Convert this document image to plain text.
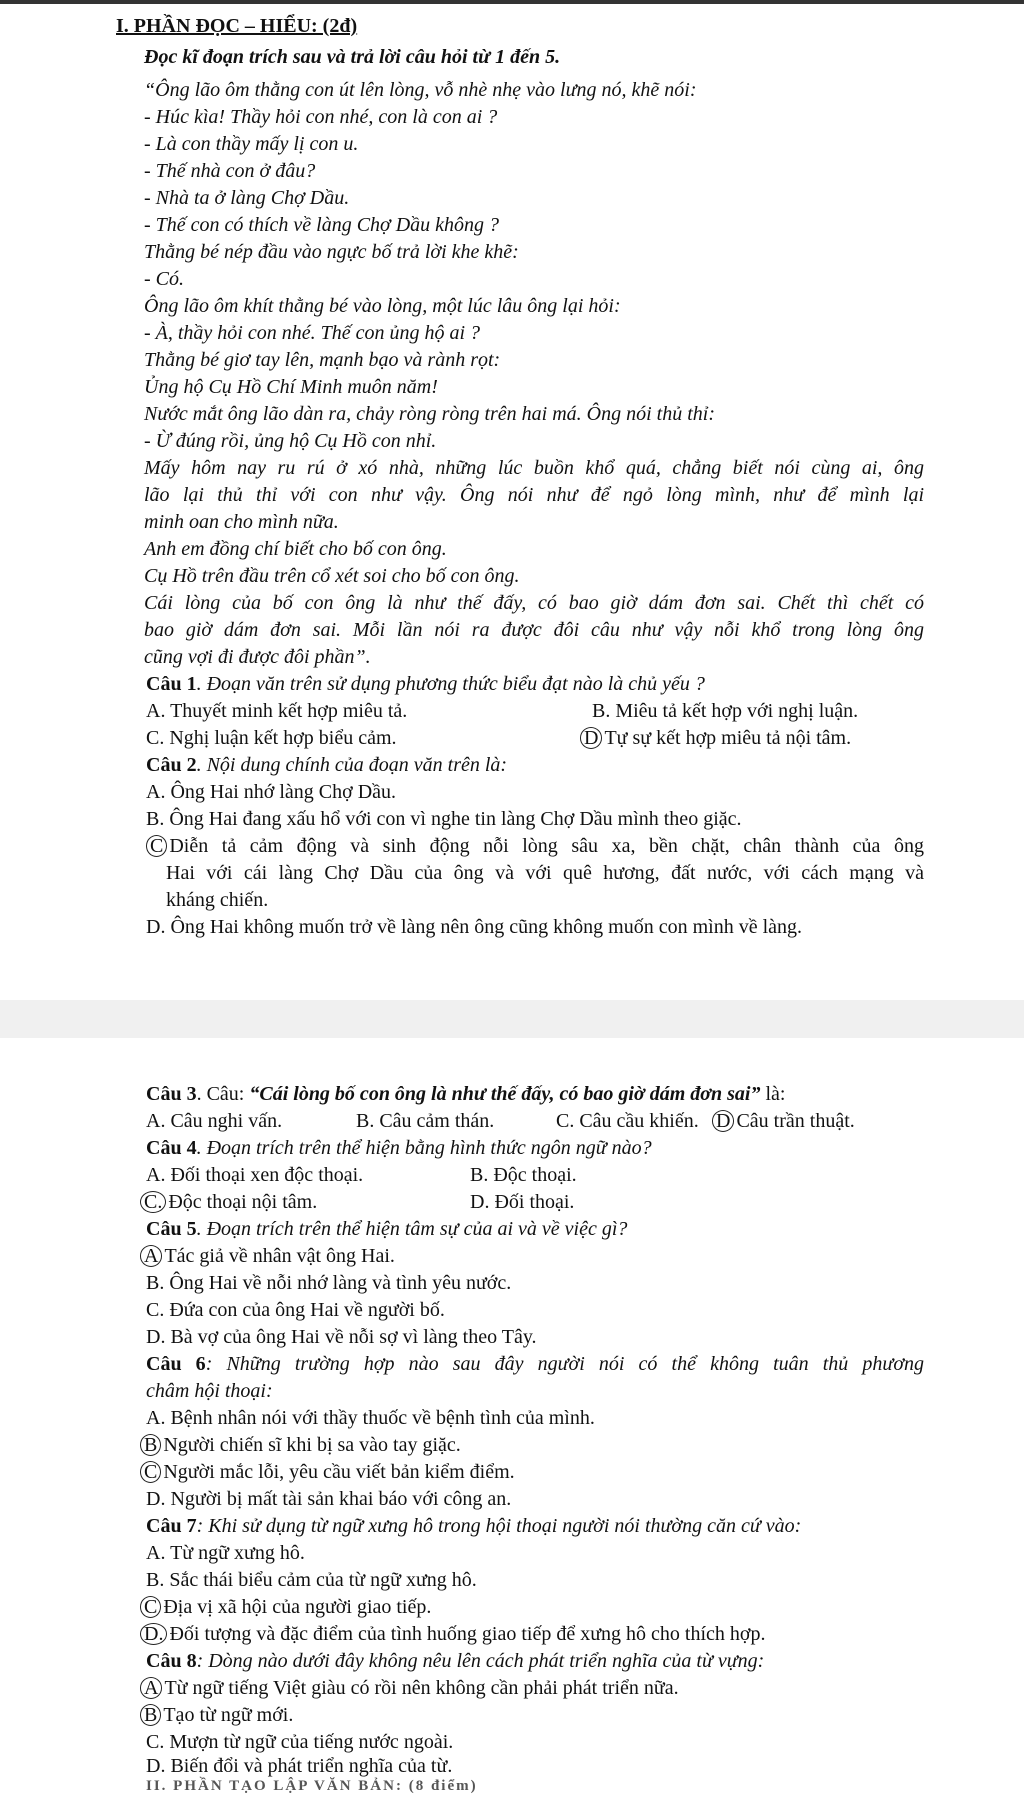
I. PHẦN ĐỌC – HIỂU: (2đ)
Đọc kĩ đoạn trích sau và trả lời câu hỏi từ 1 đến 5.
“Ông lão ôm thằng con út lên lòng, vỗ nhè nhẹ vào lưng nó, khẽ nói:
- Húc kìa! Thầy hỏi con nhé, con là con ai ?
- Là con thầy mấy lị con u.
- Thế nhà con ở đâu?
- Nhà ta ở làng Chợ Dầu.
- Thế con có thích về làng Chợ Dầu không ?
Thằng bé nép đầu vào ngực bố trả lời khe khẽ:
- Có.
Ông lão ôm khít thằng bé vào lòng, một lúc lâu ông lại hỏi:
- À, thầy hỏi con nhé. Thế con ủng hộ ai ?
Thằng bé giơ tay lên, mạnh bạo và rành rọt:
Ủng hộ Cụ Hồ Chí Minh muôn năm!
Nước mắt ông lão dàn ra, chảy ròng ròng trên hai má. Ông nói thủ thỉ:
- Ừ đúng rồi, ủng hộ Cụ Hồ con nhỉ.
Mấy hôm nay ru rú ở xó nhà, những lúc buồn khổ quá, chẳng biết nói cùng ai, ông
lão lại thủ thỉ với con như vậy. Ông nói như để ngỏ lòng mình, như để mình lại
minh oan cho mình nữa.
Anh em đồng chí biết cho bố con ông.
Cụ Hồ trên đầu trên cổ xét soi cho bố con ông.
Cái lòng của bố con ông là như thế đấy, có bao giờ dám đơn sai. Chết thì chết có
bao giờ dám đơn sai. Mỗi lần nói ra được đôi câu như vậy nỗi khổ trong lòng ông
cũng vợi đi được đôi phần”.
Câu 1. Đoạn văn trên sử dụng phương thức biểu đạt nào là chủ yếu ?
A. Thuyết minh kết hợp miêu tả.	B. Miêu tả kết hợp với nghị luận.
C. Nghị luận kết hợp biểu cảm.	D Tự sự kết hợp miêu tả nội tâm.
Câu 2. Nội dung chính của đoạn văn trên là:
A. Ông Hai nhớ làng Chợ Dầu.
B. Ông Hai đang xấu hổ với con vì nghe tin làng Chợ Dầu mình theo giặc.
C Diễn tả cảm động và sinh động nỗi lòng sâu xa, bền chặt, chân thành của ông
Hai với cái làng Chợ Dầu của ông và với quê hương, đất nước, với cách mạng và
kháng chiến.
D. Ông Hai không muốn trở về làng nên ông cũng không muốn con mình về làng.
Câu 3. Câu: “Cái lòng bố con ông là như thế đấy, có bao giờ dám đơn sai” là:
A. Câu nghi vấn.	B. Câu cảm thán.	C. Câu cầu khiến. D Câu trần thuật.
Câu 4. Đoạn trích trên thể hiện bằng hình thức ngôn ngữ nào?
A. Đối thoại xen độc thoại.	B. Độc thoại.
C. Độc thoại nội tâm.	D. Đối thoại.
Câu 5. Đoạn trích trên thể hiện tâm sự của ai và về việc gì?
A Tác giả về nhân vật ông Hai.
B. Ông Hai về nỗi nhớ làng và tình yêu nước.
C. Đứa con của ông Hai về người bố.
D. Bà vợ của ông Hai về nỗi sợ vì làng theo Tây.
Câu 6: Những trường hợp nào sau đây người nói có thể không tuân thủ phương
châm hội thoại:
A. Bệnh nhân nói với thầy thuốc về bệnh tình của mình.
B Người chiến sĩ khi bị sa vào tay giặc.
C Người mắc lỗi, yêu cầu viết bản kiểm điểm.
D. Người bị mất tài sản khai báo với công an.
Câu 7: Khi sử dụng từ ngữ xưng hô trong hội thoại người nói thường căn cứ vào:
A. Từ ngữ xưng hô.
B. Sắc thái biểu cảm của từ ngữ xưng hô.
C Địa vị xã hội của người giao tiếp.
D. Đối tượng và đặc điểm của tình huống giao tiếp để xưng hô cho thích hợp.
Câu 8: Dòng nào dưới đây không nêu lên cách phát triển nghĩa của từ vựng:
A Từ ngữ tiếng Việt giàu có rồi nên không cần phải phát triển nữa.
B Tạo từ ngữ mới.
C. Mượn từ ngữ của tiếng nước ngoài.
D. Biến đổi và phát triển nghĩa của từ.
II. PHẦN TẠO LẬP VĂN BẢN: (8 điểm)
